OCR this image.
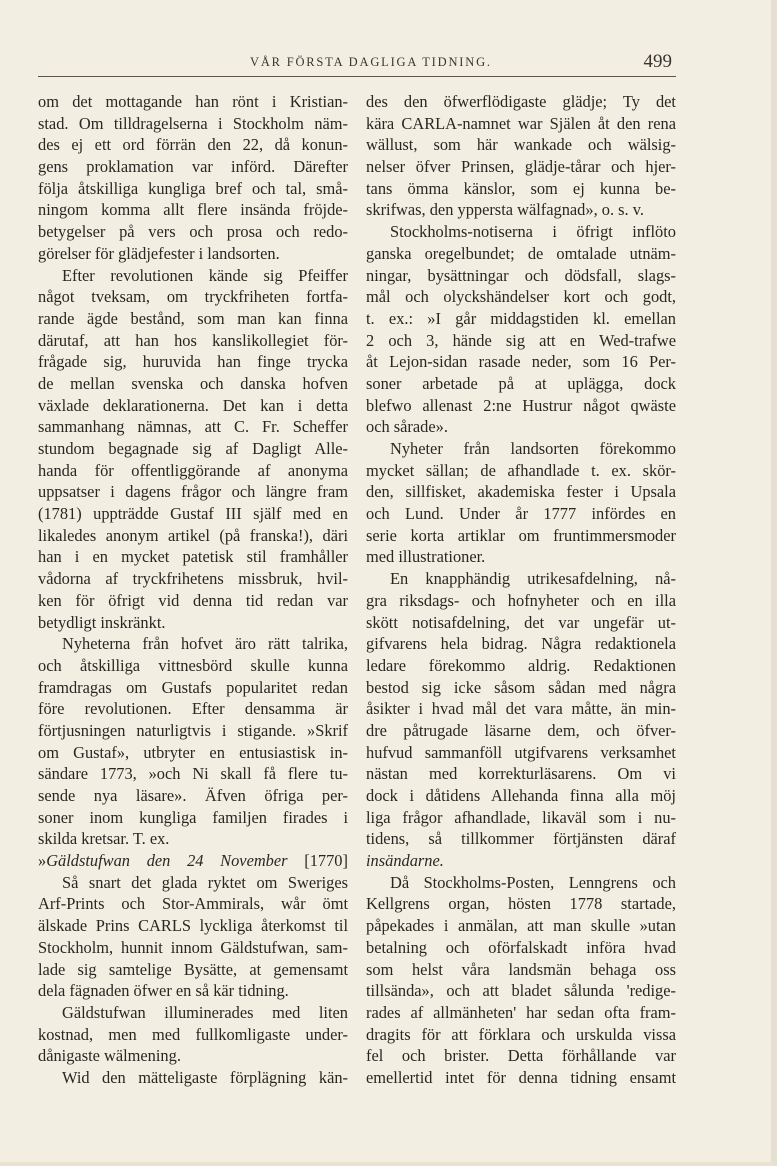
VÅR FÖRSTA DAGLIGA TIDNING.	499
om det mottagande han rönt i Kristian-
stad. Om tilldragelserna i Stockholm näm-
des ej ett ord förrän den 22, då konun-
gens proklamation var införd. Därefter
följa åtskilliga kungliga bref och tal, små-
ningom komma allt flere insända fröjde-
betygelser på vers och prosa och redo-
görelser för glädjefester i landsorten.
Efter revolutionen kände sig Pfeiffer
något tveksam, om tryckfriheten fortfa-
rande ägde bestånd, som man kan finna
därutaf, att han hos kanslikollegiet för-
frågade sig, huruvida han finge trycka
de mellan svenska och danska hofven
växlade deklarationerna. Det kan i detta
sammanhang nämnas, att C. Fr. Scheffer
stundom begagnade sig af Dagligt Alle-
handa för offentliggörande af anonyma
uppsatser i dagens frågor och längre fram
(1781) uppträdde Gustaf III själf med en
likaledes anonym artikel (på franska!), däri
han i en mycket patetisk stil framhåller
vådorna af tryckfrihetens missbruk, hvil-
ken för öfrigt vid denna tid redan var
betydligt inskränkt.
Nyheterna från hofvet äro rätt talrika,
och åtskilliga vittnesbörd skulle kunna
framdragas om Gustafs popularitet redan
före revolutionen. Efter densamma är
förtjusningen naturligtvis i stigande. »Skrif
om Gustaf», utbryter en entusiastisk in-
sändare 1773, »och Ni skall få flere tu-
sende nya läsare». Äfven öfriga per-
soner inom kungliga familjen firades i
skilda kretsar. T. ex.
»Gäldstufwan den 24 November [1770]
Så snart det glada ryktet om Sweriges
Arf-Prints och Stor-Ammirals, wår ömt
älskade Prins CARLS lyckliga återkomst til
Stockholm, hunnit innom Gäldstufwan, sam-
lade sig samtelige Bysätte, at gemensamt
dela fägnaden öfwer en så kär tidning.
Gäldstufwan illuminerades med liten
kostnad, men med fullkomligaste under-
dånigaste wälmening.
Wid den mätteligaste förplägning kän-
des den öfwerflödigaste glädje; Ty det
kära CARLA-namnet war Själen åt den rena
wällust, som här wankade och wälsig-
nelser öfver Prinsen, glädje-tårar och hjer-
tans ömma känslor, som ej kunna be-
skrifwas, den yppersta wälfagnad», o. s. v.
Stockholms-notiserna i öfrigt inflöto
ganska oregelbundet; de omtalade utnäm-
ningar, bysättningar och dödsfall, slags-
mål och olyckshändelser kort och godt,
t. ex.: »I går middagstiden kl. emellan
2 och 3, hände sig att en Wed-trafwe
åt Lejon-sidan rasade neder, som 16 Per-
soner arbetade på at uplägga, dock
blefwo allenast 2:ne Hustrur något qwäste
och sårade».
Nyheter från landsorten förekommo
mycket sällan; de afhandlade t. ex. skör-
den, sillfisket, akademiska fester i Upsala
och Lund. Under år 1777 infördes en
serie korta artiklar om fruntimmersmoder
med illustrationer.
En knapphändig utrikesafdelning, nå-
gra riksdags- och hofnyheter och en illa
skött notisafdelning, det var ungefär ut-
gifvarens hela bidrag. Några redaktionela
ledare förekommo aldrig. Redaktionen
bestod sig icke såsom sådan med några
åsikter i hvad mål det vara måtte, än min-
dre påtrugade läsarne dem, och öfver-
hufvud sammanföll utgifvarens verksamhet
nästan med korrekturläsarens. Om vi
dock i dåtidens Allehanda finna alla möj
liga frågor afhandlade, likaväl som i nu-
tidens, så tillkommer förtjänsten däraf
insändarne.
Då Stockholms-Posten, Lenngrens och
Kellgrens organ, hösten 1778 startade,
påpekades i anmälan, att man skulle »utan
betalning och oförfalskadt införa hvad
som helst våra landsmän behaga oss
tillsända», och att bladet sålunda 'redige-
rades af allmänheten' har sedan ofta fram-
dragits för att förklara och urskulda vissa
fel och brister. Detta förhållande var
emellertid intet för denna tidning ensamt
